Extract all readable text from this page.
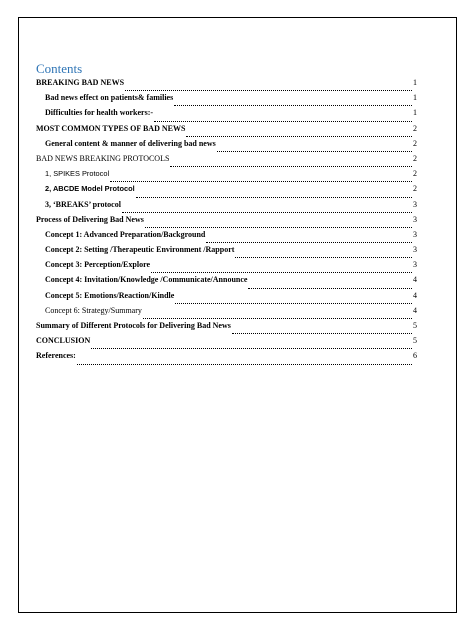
Contents
BREAKING BAD NEWS	1
Bad news effect on patients& families	1
Difficulties for health workers:-	1
MOST COMMON TYPES OF BAD NEWS	2
General content & manner of delivering bad news	2
BAD NEWS BREAKING PROTOCOLS	2
1, SPIKES Protocol	2
2, ABCDE Model Protocol	2
3, ‘BREAKS’ protocol	3
Process of Delivering Bad News	3
Concept 1: Advanced Preparation/Background	3
Concept 2: Setting /Therapeutic Environment /Rapport	3
Concept 3: Perception/Explore	3
Concept 4: Invitation/Knowledge /Communicate/Announce	4
Concept 5: Emotions/Reaction/Kindle	4
Concept 6: Strategy/Summary	4
Summary of Different Protocols for Delivering Bad News	5
CONCLUSION	5
References:	6
